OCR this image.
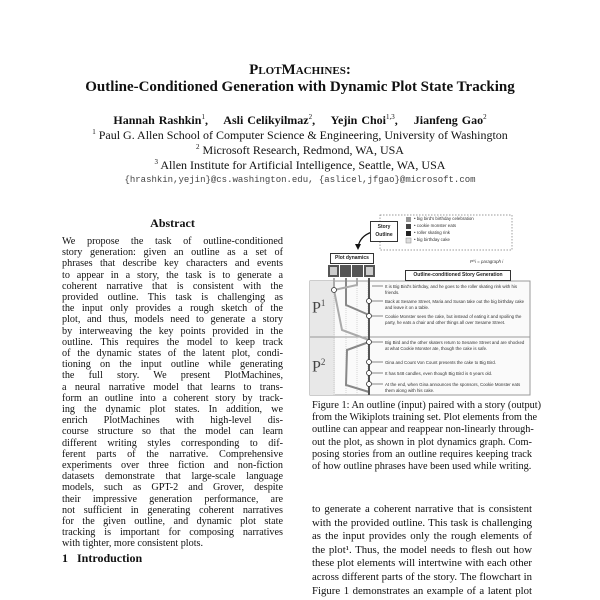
PlotMachines:
Outline-Conditioned Generation with Dynamic Plot State Tracking
Hannah Rashkin$^1$,    Asli Celikyilmaz$^2$,    Yejin Choi$^{1,3}$,    Jianfeng Gao$^2$
$^1$ Paul G. Allen School of Computer Science & Engineering, University of Washington
$^2$ Microsoft Research, Redmond, WA, USA
$^3$ Allen Institute for Artificial Intelligence, Seattle, WA, USA
{hrashkin,yejin}@cs.washington.edu, {aslicel,jfgao}@microsoft.com
Abstract
We propose the task of outline-conditioned
story generation: given an outline as a set of
phrases that describe key characters and events
to appear in a story, the task is to generate a
coherent narrative that is consistent with the
provided outline. This task is challenging as
the input only provides a rough sketch of the
plot, and thus, models need to generate a story
by interweaving the key points provided in the
outline. This requires the model to keep track
of the dynamic states of the latent plot, condi-
tioning on the input outline while generating
the full story. We present PlotMachines,
a neural narrative model that learns to trans-
form an outline into a coherent story by track-
ing the dynamic plot states. In addition, we
enrich PlotMachines with high-level dis-
course structure so that the model can learn
different writing styles corresponding to dif-
ferent parts of the narrative. Comprehensive
experiments over three fiction and non-fiction
datasets demonstrate that large-scale language
models, such as GPT-2 and Grover, despite
their impressive generation performance, are
not sufficient in generating coherent narratives
for the given outline, and dynamic plot state
tracking is important for composing narratives
with tighter, more consistent plots.
1 Introduction
Story Outline
• big bird's birthday celebration
• cookie monster eats
• roller skating rink
• big birthday cake
Plot dynamics
P^i = paragraph i
Outline-conditioned Story Generation
$P^1$
$P^2$
It is Big Bird's birthday, and he goes to the roller skating rink with his friends.
Back at Sesame Street, Maria and Susan take out the big birthday cake and leave it on a table.
Cookie Monster sees the cake, but instead of eating it and spoiling the party, he eats a chair and other things all over Sesame Street.
Big Bird and the other skaters return to Sesame Street and are shocked at what Cookie Monster ate, though the cake is safe.
Gina and Count Von Count presents the cake to Big Bird.
It has 548 candles, even though Big Bird is 6 years old.
At the end, when Gina announces the sponsors, Cookie Monster eats them along with his cake.
Figure 1: An outline (input) paired with a story (output)
from the Wikiplots training set. Plot elements from the
outline can appear and reappear non-linearly through-
out the plot, as shown in plot dynamics graph. Com-
posing stories from an outline requires keeping track
of how outline phrases have been used while writing.
to generate a coherent narrative that is consistent
with the provided outline. This task is challenging
as the input provides only the rough elements of
the plot¹. Thus, the model needs to flesh out how
these plot elements will intertwine with each other
across different parts of the story. The flowchart in
Figure 1 demonstrates an example of a latent plot
